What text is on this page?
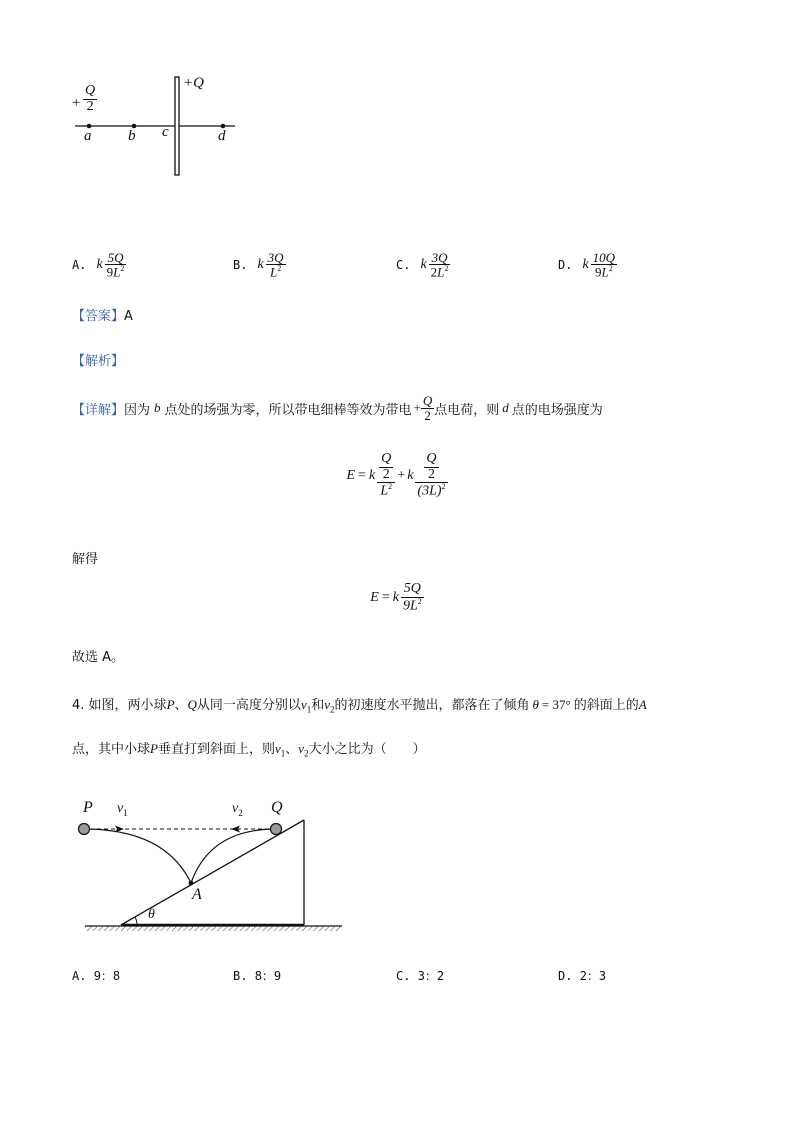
+ $\frac{Q}{2}$
+Q
a b c	d
A. k $\frac{5Q}{9L^2}$	B. k $\frac{3Q}{L^2}$	C. k $\frac{3Q}{2L^2}$	D. k $\frac{10Q}{9L^2}$
【答案】A
【解析】
【详解】 因为 b 点处的场强为零，所以带电细棒等效为带电 + $\frac{Q}{2}$ 点电荷，则 d 点的电场强度为
E = k $\frac{\frac{Q}{2}}{L^2} + k \frac{\frac{Q}{2}}{(3L)^2}$
解得
E = k $\frac{5Q}{9L^2}$
故选 A。
4. 如图，两小球P、Q从同一高度分别以$v_1$和$v_2$的初速度水平抛出，都落在了倾角 θ = 37° 的斜面上的A
点，其中小球P垂直打到斜面上，则$v_1$、$v_2$大小之比为（　　）
P	Q
$v_1$	$v_2$
A
θ
A. 9：8	B. 8：9	C. 3：2	D. 2：3
